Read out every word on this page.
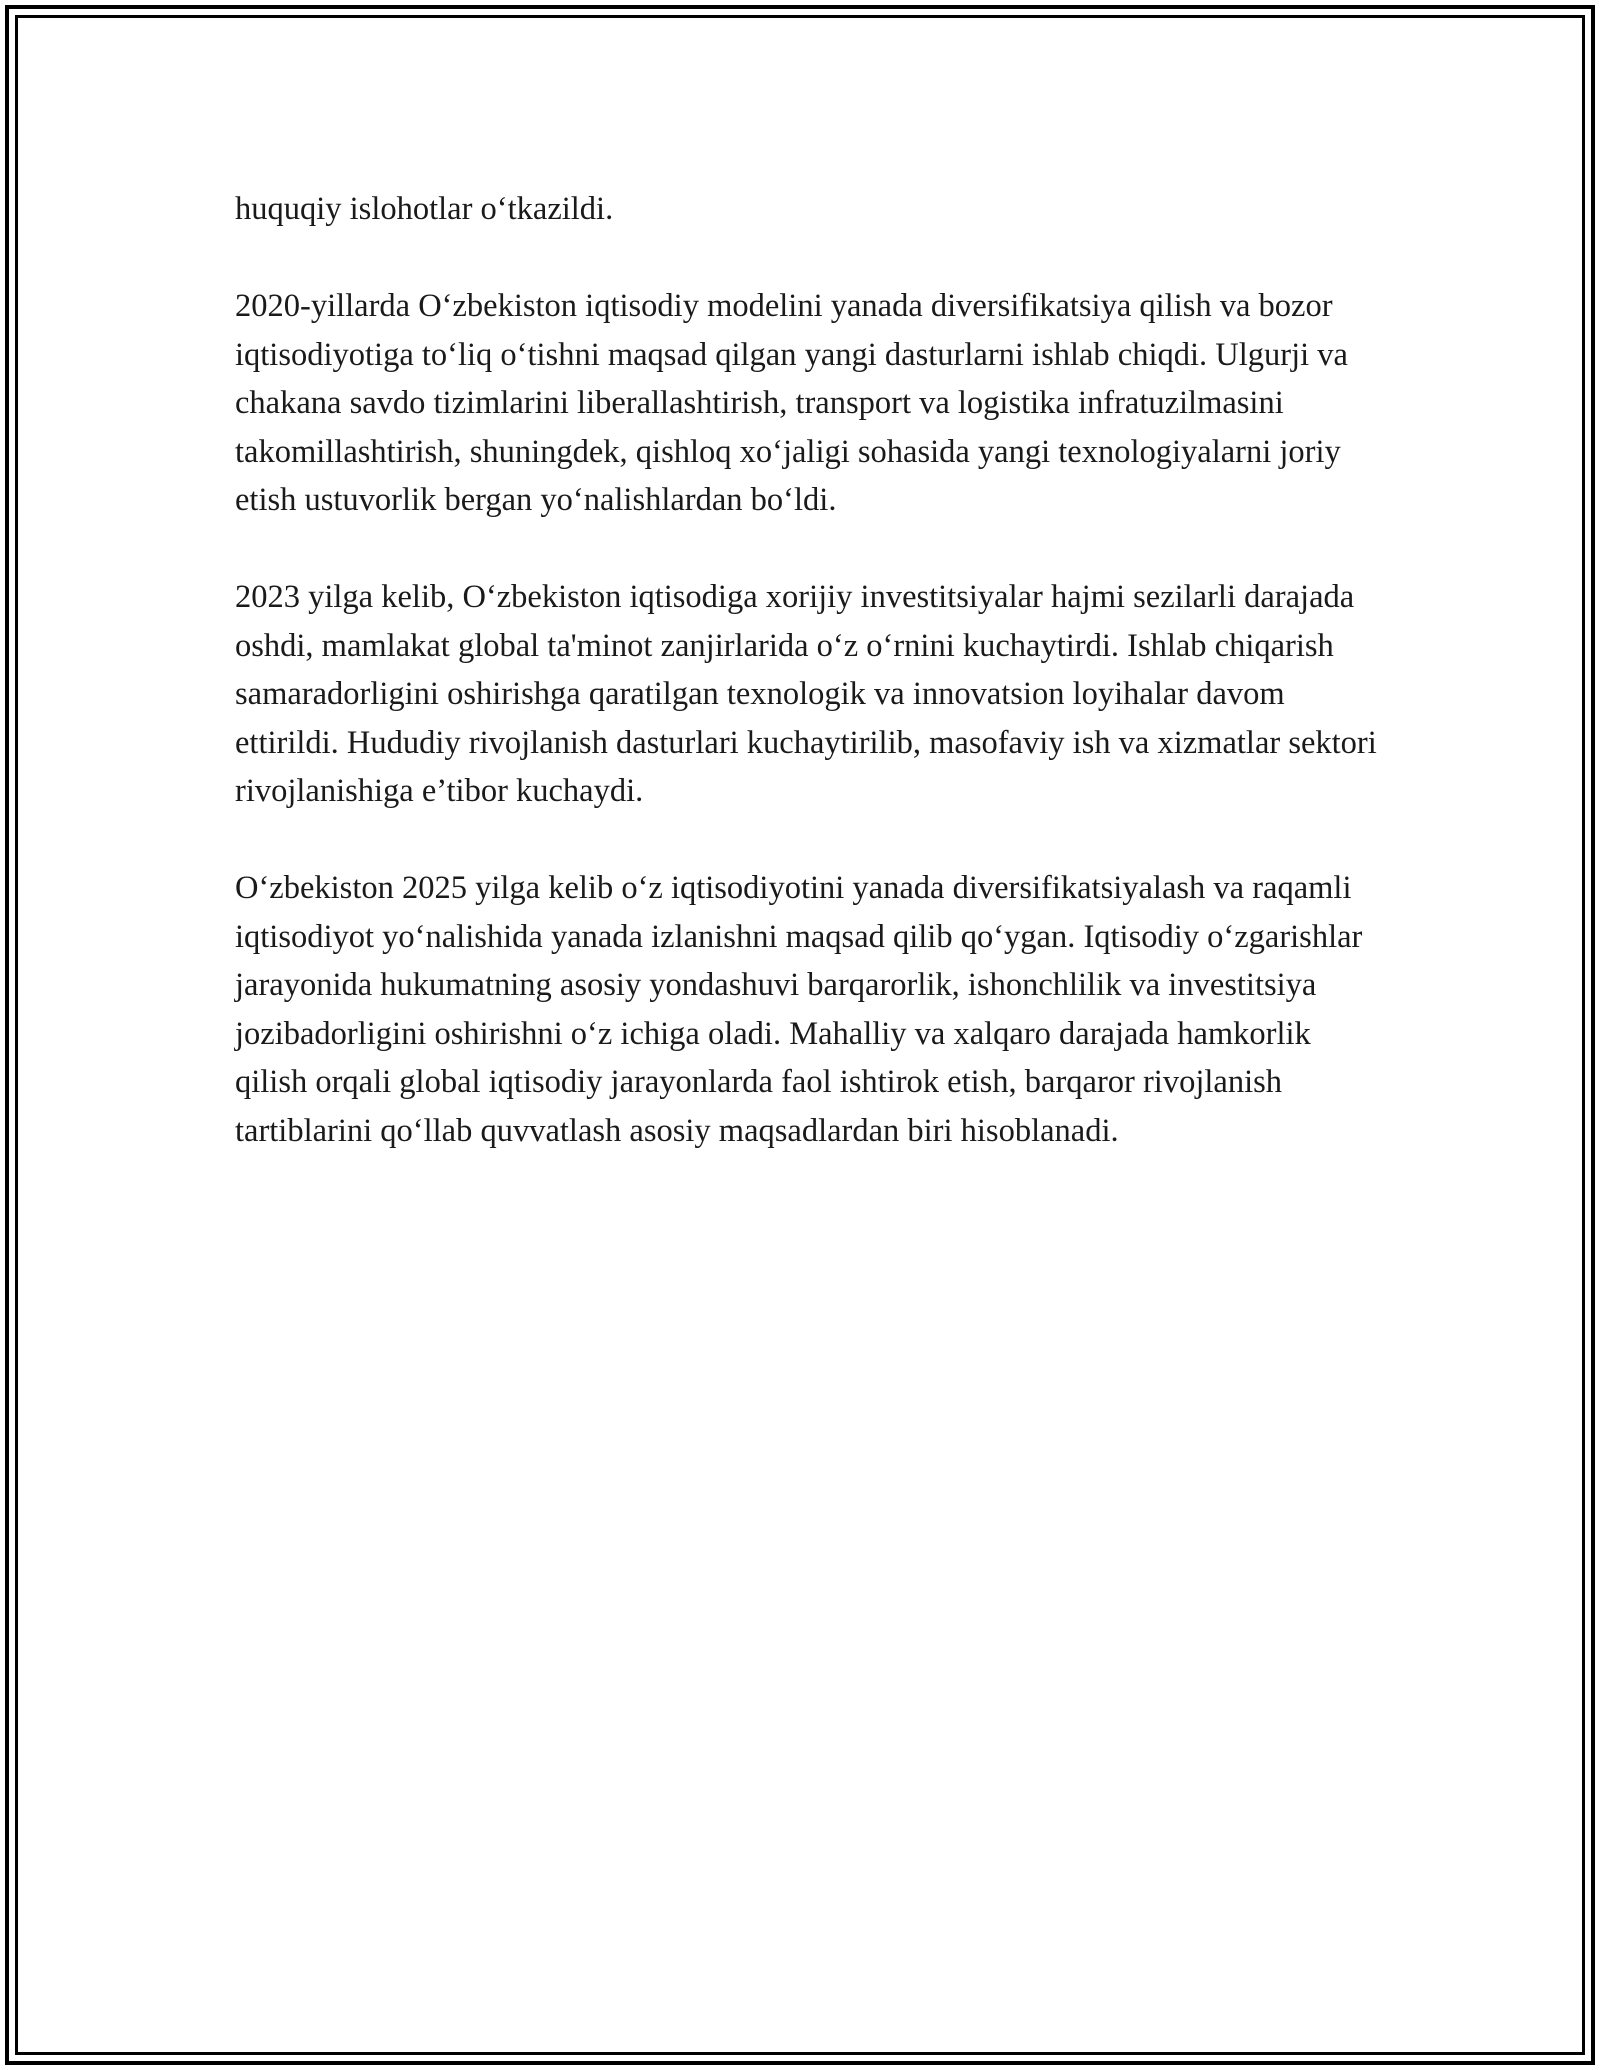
huquqiy islohotlar o‘tkazildi.

2020-yillarda O‘zbekiston iqtisodiy modelini yanada diversifikatsiya qilish va bozor iqtisodiyotiga to‘liq o‘tishni maqsad qilgan yangi dasturlarni ishlab chiqdi. Ulgurji va chakana savdo tizimlarini liberallashtirish, transport va logistika infratuzilmasini takomillashtirish, shuningdek, qishloq xo‘jaligi sohasida yangi texnologiyalarni joriy etish ustuvorlik bergan yo‘nalishlardan bo‘ldi.

2023 yilga kelib, O‘zbekiston iqtisodiga xorijiy investitsiyalar hajmi sezilarli darajada oshdi, mamlakat global ta'minot zanjirlarida o‘z o‘rnini kuchaytirdi. Ishlab chiqarish samaradorligini oshirishga qaratilgan texnologik va innovatsion loyihalar davom ettirildi. Hududiy rivojlanish dasturlari kuchaytirilib, masofaviy ish va xizmatlar sektori rivojlanishiga e’tibor kuchaydi.

O‘zbekiston 2025 yilga kelib o‘z iqtisodiyotini yanada diversifikatsiyalash va raqamli iqtisodiyot yo‘nalishida yanada izlanishni maqsad qilib qo‘ygan. Iqtisodiy o‘zgarishlar jarayonida hukumatning asosiy yondashuvi barqarorlik, ishonchlilik va investitsiya jozibadorligini oshirishni o‘z ichiga oladi. Mahalliy va xalqaro darajada hamkorlik qilish orqali global iqtisodiy jarayonlarda faol ishtirok etish, barqaror rivojlanish tartiblarini qo‘llab quvvatlash asosiy maqsadlardan biri hisoblanadi.
